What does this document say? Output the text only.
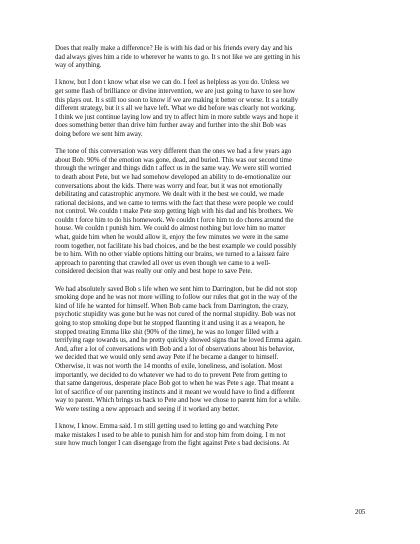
Does that really make a difference? He is with his dad or his friends every day and his
dad always gives him a ride to wherever he wants to go. It s not like we are getting in his
way of anything.

I know, but I don t know what else we can do. I feel as helpless as you do. Unless we
get some flash of brilliance or divine intervention, we are just going to have to see how
this plays out. It s still too soon to know if we are making it better or worse. It s a totally
different strategy, but it s all we have left. What we did before was clearly not working.
I think we just continue laying low and try to affect him in more subtle ways and hope it
does something better than drive him further away and further into the shit Bob was
doing before we sent him away.

The tone of this conversation was very different than the ones we had a few years ago
about Bob. 90% of the emotion was gone, dead, and buried. This was our second time
through the wringer and things didn t affect us in the same way. We were still worried
to death about Pete, but we had somehow developed an ability to de-emotionalize our
conversations about the kids. There was worry and fear, but it was not emotionally
debilitating and catastrophic anymore. We dealt with it the best we could, we made
rational decisions, and we came to terms with the fact that these were people we could
not control. We couldn t make Pete stop getting high with his dad and his brothers. We
couldn t force him to do his homework. We couldn t force him to do chores around the
house. We couldn t punish him. We could do almost nothing but love him no matter
what, guide him when he would allow it, enjoy the few minutes we were in the same
room together, not facilitate his bad choices, and be the best example we could possibly
be to him. With no other viable options hitting our brains, we turned to a laissez faire
approach to parenting that crawled all over us even though we came to a well-
considered decision that was really our only and best hope to save Pete.

We had absolutely saved Bob s life when we sent him to Darrington, but he did not stop
smoking dope and he was not more willing to follow our rules that got in the way of the
kind of life he wanted for himself. When Bob came back from Darrington, the crazy,
psychotic stupidity was gone but he was not cured of the normal stupidity. Bob was not
going to stop smoking dope but he stopped flaunting it and using it as a weapon, he
stopped treating Emma like shit (90% of the time), he was no longer filled with a
terrifying rage towards us, and he pretty quickly showed signs that he loved Emma again.
And, after a lot of conversations with Bob and a lot of observations about his behavior,
we decided that we would only send away Pete if he became a danger to himself.
Otherwise, it was not worth the 14 months of exile, loneliness, and isolation. Most
importantly, we decided to do whatever we had to do to prevent Pete from getting to
that same dangerous, desperate place Bob got to when he was Pete s age. That meant a
lot of sacrifice of our parenting instincts and it meant we would have to find a different
way to parent. Which brings us back to Pete and how we chose to parent him for a while.
We were testing a new approach and seeing if it worked any better.

I know, I know. Emma said. I m still getting used to letting go and watching Pete
make mistakes I used to be able to punish him for and stop him from doing. I m not
sure how much longer I can disengage from the fight against Pete s bad decisions. At

205
